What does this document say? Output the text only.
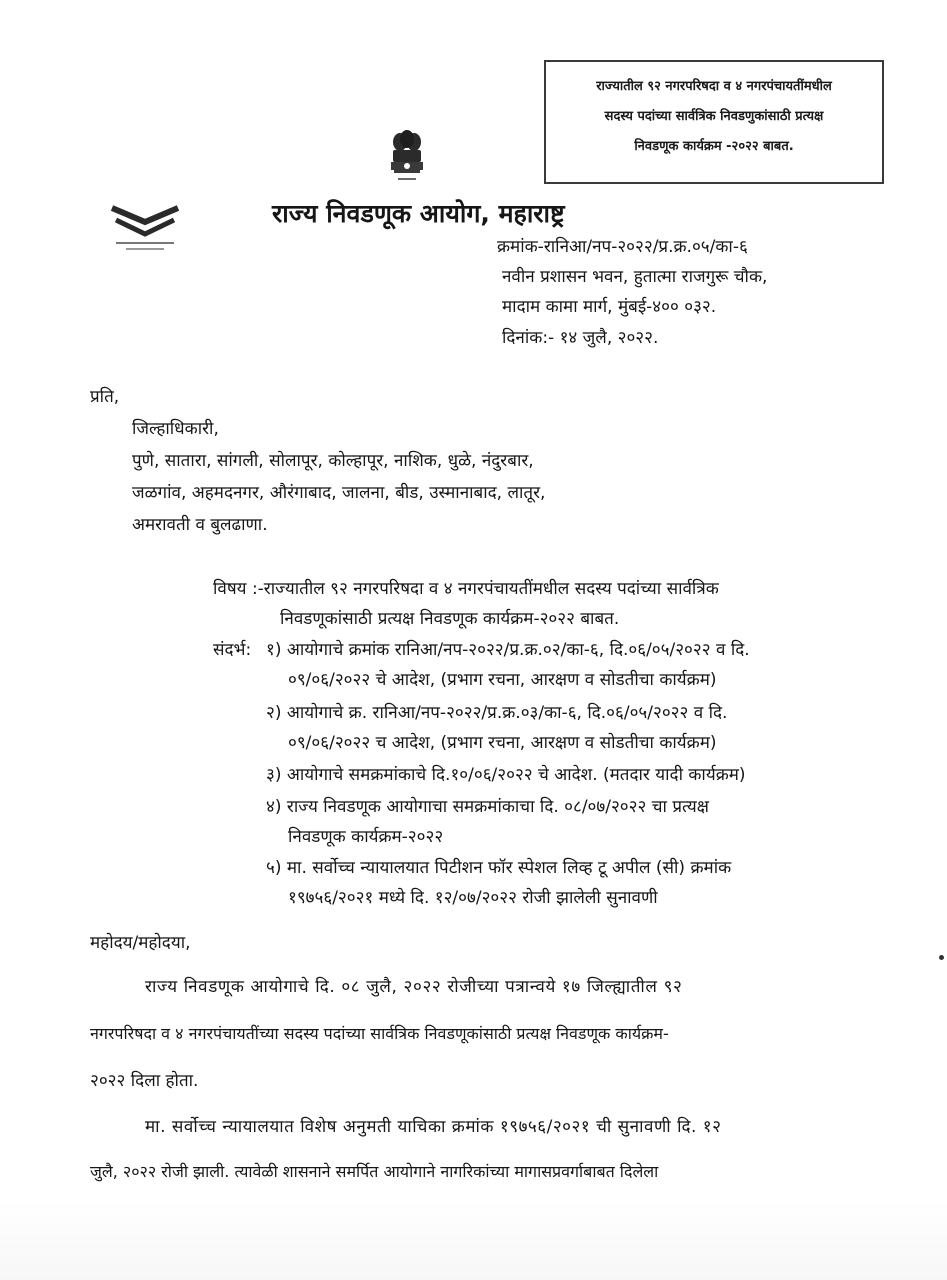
राज्यातील ९२ नगरपरिषदा व ४ नगरपंचायतींमधील
सदस्य पदांच्या सार्वत्रिक निवडणुकांसाठी प्रत्यक्ष
निवडणूक कार्यक्रम -२०२२ बाबत.
राज्य निवडणूक आयोग, महाराष्ट्र
क्रमांक-रानिआ/नप-२०२२/प्र.क्र.०५/का-६
नवीन प्रशासन भवन, हुतात्मा राजगुरू चौक,
मादाम कामा मार्ग, मुंबई-४०० ०३२.
दिनांक:- १४ जुलै, २०२२.
प्रति,
जिल्हाधिकारी,
पुणे, सातारा, सांगली, सोलापूर, कोल्हापूर, नाशिक, धुळे, नंदुरबार,
जळगांव, अहमदनगर, औरंगाबाद, जालना, बीड, उस्मानाबाद, लातूर,
अमरावती व बुलढाणा.
विषय :-राज्यातील ९२ नगरपरिषदा व ४ नगरपंचायतींमधील सदस्य पदांच्या सार्वत्रिक
निवडणूकांसाठी प्रत्यक्ष निवडणूक कार्यक्रम-२०२२ बाबत.
संदर्भ: १) आयोगाचे क्रमांक रानिआ/नप-२०२२/प्र.क्र.०२/का-६, दि.०६/०५/२०२२ व दि.
०९/०६/२०२२ चे आदेश, (प्रभाग रचना, आरक्षण व सोडतीचा कार्यक्रम)
२) आयोगाचे क्र. रानिआ/नप-२०२२/प्र.क्र.०३/का-६, दि.०६/०५/२०२२ व दि.
०९/०६/२०२२ च आदेश, (प्रभाग रचना, आरक्षण व सोडतीचा कार्यक्रम)
३) आयोगाचे समक्रमांकाचे दि.१०/०६/२०२२ चे आदेश. (मतदार यादी कार्यक्रम)
४) राज्य निवडणूक आयोगाचा समक्रमांकाचा दि. ०८/०७/२०२२ चा प्रत्यक्ष
निवडणूक कार्यक्रम-२०२२
५) मा. सर्वोच्च न्यायालयात पिटीशन फॉर स्पेशल लिव्ह टू अपील (सी) क्रमांक
१९७५६/२०२१ मध्ये दि. १२/०७/२०२२ रोजी झालेली सुनावणी
महोदय/महोदया,
राज्य निवडणूक आयोगाचे दि. ०८ जुलै, २०२२ रोजीच्या पत्रान्वये १७ जिल्ह्यातील ९२
नगरपरिषदा व ४ नगरपंचायतींच्या सदस्य पदांच्या सार्वत्रिक निवडणूकांसाठी प्रत्यक्ष निवडणूक कार्यक्रम-
२०२२ दिला होता.
मा. सर्वोच्च न्यायालयात विशेष अनुमती याचिका क्रमांक १९७५६/२०२१ ची सुनावणी दि. १२
जुलै, २०२२ रोजी झाली. त्यावेळी शासनाने समर्पित आयोगाने नागरिकांच्या मागासप्रवर्गाबाबत दिलेला
